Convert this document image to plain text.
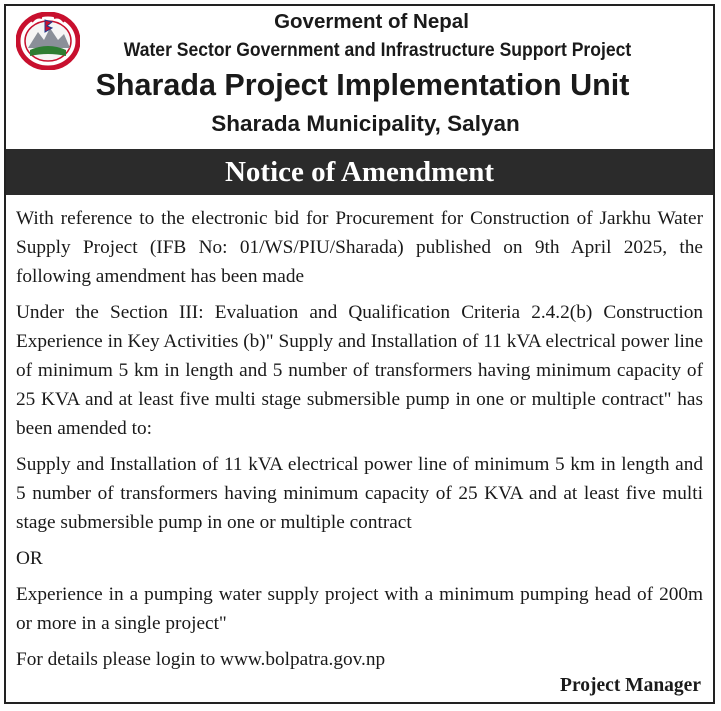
Goverment of Nepal
Water Sector Government and Infrastructure Support Project
Sharada Project Implementation Unit
Sharada Municipality, Salyan
Notice of Amendment

With reference to the electronic bid for Procurement for Construction of Jarkhu Water Supply Project (IFB No: 01/WS/PIU/Sharada) published on 9th April 2025, the following amendment has been made

Under the Section III: Evaluation and Qualification Criteria 2.4.2(b) Construction Experience in Key Activities (b)" Supply and Installation of 11 kVA electrical power line of minimum 5 km in length and 5 number of transformers having minimum capacity of 25 KVA and at least five multi stage submersible pump in one or multiple contract" has been amended to:

Supply and Installation of 11 kVA electrical power line of minimum 5 km in length and 5 number of transformers having minimum capacity of 25 KVA and at least five multi stage submersible pump in one or multiple contract

OR

Experience in a pumping water supply project with a minimum pumping head of 200m or more in a single project"

For details please login to www.bolpatra.gov.np

Project Manager
